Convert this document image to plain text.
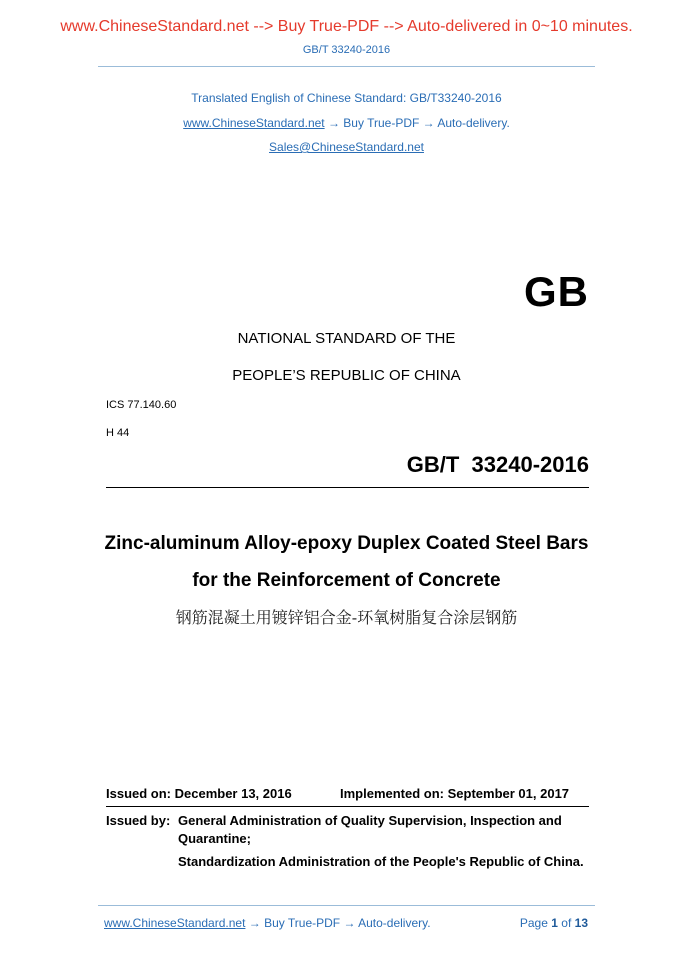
www.ChineseStandard.net --> Buy True-PDF --> Auto-delivered in 0~10 minutes.
GB/T 33240-2016
Translated English of Chinese Standard: GB/T33240-2016
www.ChineseStandard.net → Buy True-PDF → Auto-delivery.
Sales@ChineseStandard.net
GB
NATIONAL STANDARD OF THE
PEOPLE’S REPUBLIC OF CHINA
ICS 77.140.60
H 44
GB/T  33240-2016
Zinc-aluminum Alloy-epoxy Duplex Coated Steel Bars
for the Reinforcement of Concrete
钢筋混凝土用镀锌铝合金-环氧树脂复合涂层钢筋
Issued on: December 13, 2016	Implemented on: September 01, 2017
Issued by: General Administration of Quality Supervision, Inspection and Quarantine;
Standardization Administration of the People's Republic of China.
www.ChineseStandard.net → Buy True-PDF → Auto-delivery.	Page 1 of 13
